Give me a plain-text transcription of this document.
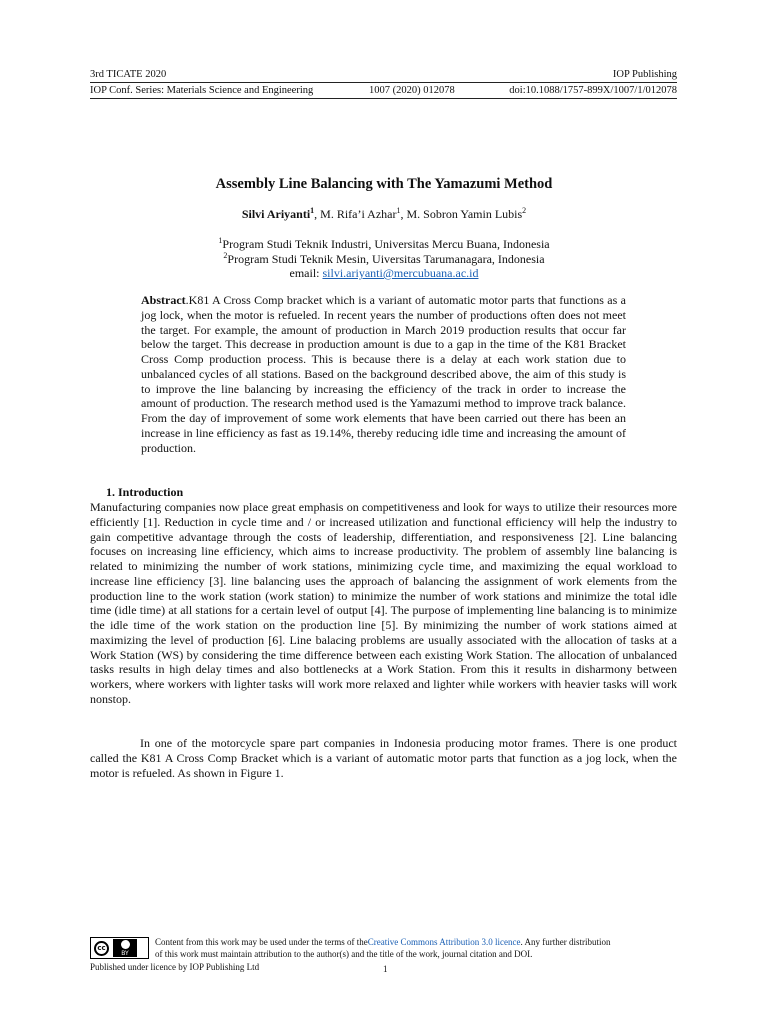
3rd TICATE 2020	IOP Publishing
IOP Conf. Series: Materials Science and Engineering	1007 (2020) 012078	doi:10.1088/1757-899X/1007/1/012078
Assembly Line Balancing with The Yamazumi Method
Silvi Ariyanti$^1$, M. Rifa’i Azhar$^1$, M. Sobron Yamin Lubis$^2$
$^1$Program Studi Teknik Industri, Universitas Mercu Buana, Indonesia
$^2$Program Studi Teknik Mesin, Uiversitas Tarumanagara, Indonesia
email: silvi.ariyanti@mercubuana.ac.id
Abstract.K81 A Cross Comp bracket which is a variant of automatic motor parts that functions as a jog lock, when the motor is refueled. In recent years the number of productions often does not meet the target. For example, the amount of production in March 2019 production results that occur far below the target. This decrease in production amount is due to a gap in the time of the K81 Bracket Cross Comp production process. This is because there is a delay at each work station due to unbalanced cycles of all stations. Based on the background described above, the aim of this study is to improve the line balancing by increasing the efficiency of the track in order to increase the amount of production. The research method used is the Yamazumi method to improve track balance. From the day of improvement of some work elements that have been carried out there has been an increase in line efficiency as fast as 19.14%, thereby reducing idle time and increasing the amount of production.
1. Introduction
Manufacturing companies now place great emphasis on competitiveness and look for ways to utilize their resources more efficiently [1]. Reduction in cycle time and / or increased utilization and functional efficiency will help the industry to gain competitive advantage through the costs of leadership, differentiation, and responsiveness [2]. Line balancing focuses on increasing line efficiency, which aims to increase productivity. The problem of assembly line balancing is related to minimizing the number of work stations, minimizing cycle time, and maximizing the equal workload to increase line efficiency [3]. line balancing uses the approach of balancing the assignment of work elements from the production line to the work station (work station) to minimize the number of work stations and minimize the total idle time (idle time) at all stations for a certain level of output [4]. The purpose of implementing line balancing is to minimize the idle time of the work station on the production line [5]. By minimizing the number of work stations aimed at maximizing the level of production [6]. Line balacing problems are usually associated with the allocation of tasks at a Work Station (WS) by considering the time difference between each existing Work Station. The allocation of unbalanced tasks results in high delay times and also bottlenecks at a Work Station. From this it results in disharmony between workers, where workers with lighter tasks will work more relaxed and lighter while workers with heavier tasks will work nonstop.
In one of the motorcycle spare part companies in Indonesia producing motor frames. There is one product called the K81 A Cross Comp Bracket which is a variant of automatic motor parts that function as a jog lock, when the motor is refueled. As shown in Figure 1.
cc
BY
Content from this work may be used under the terms of theCreative Commons Attribution 3.0 licence. Any further distribution
of this work must maintain attribution to the author(s) and the title of the work, journal citation and DOI.
Published under licence by IOP Publishing Ltd	1
